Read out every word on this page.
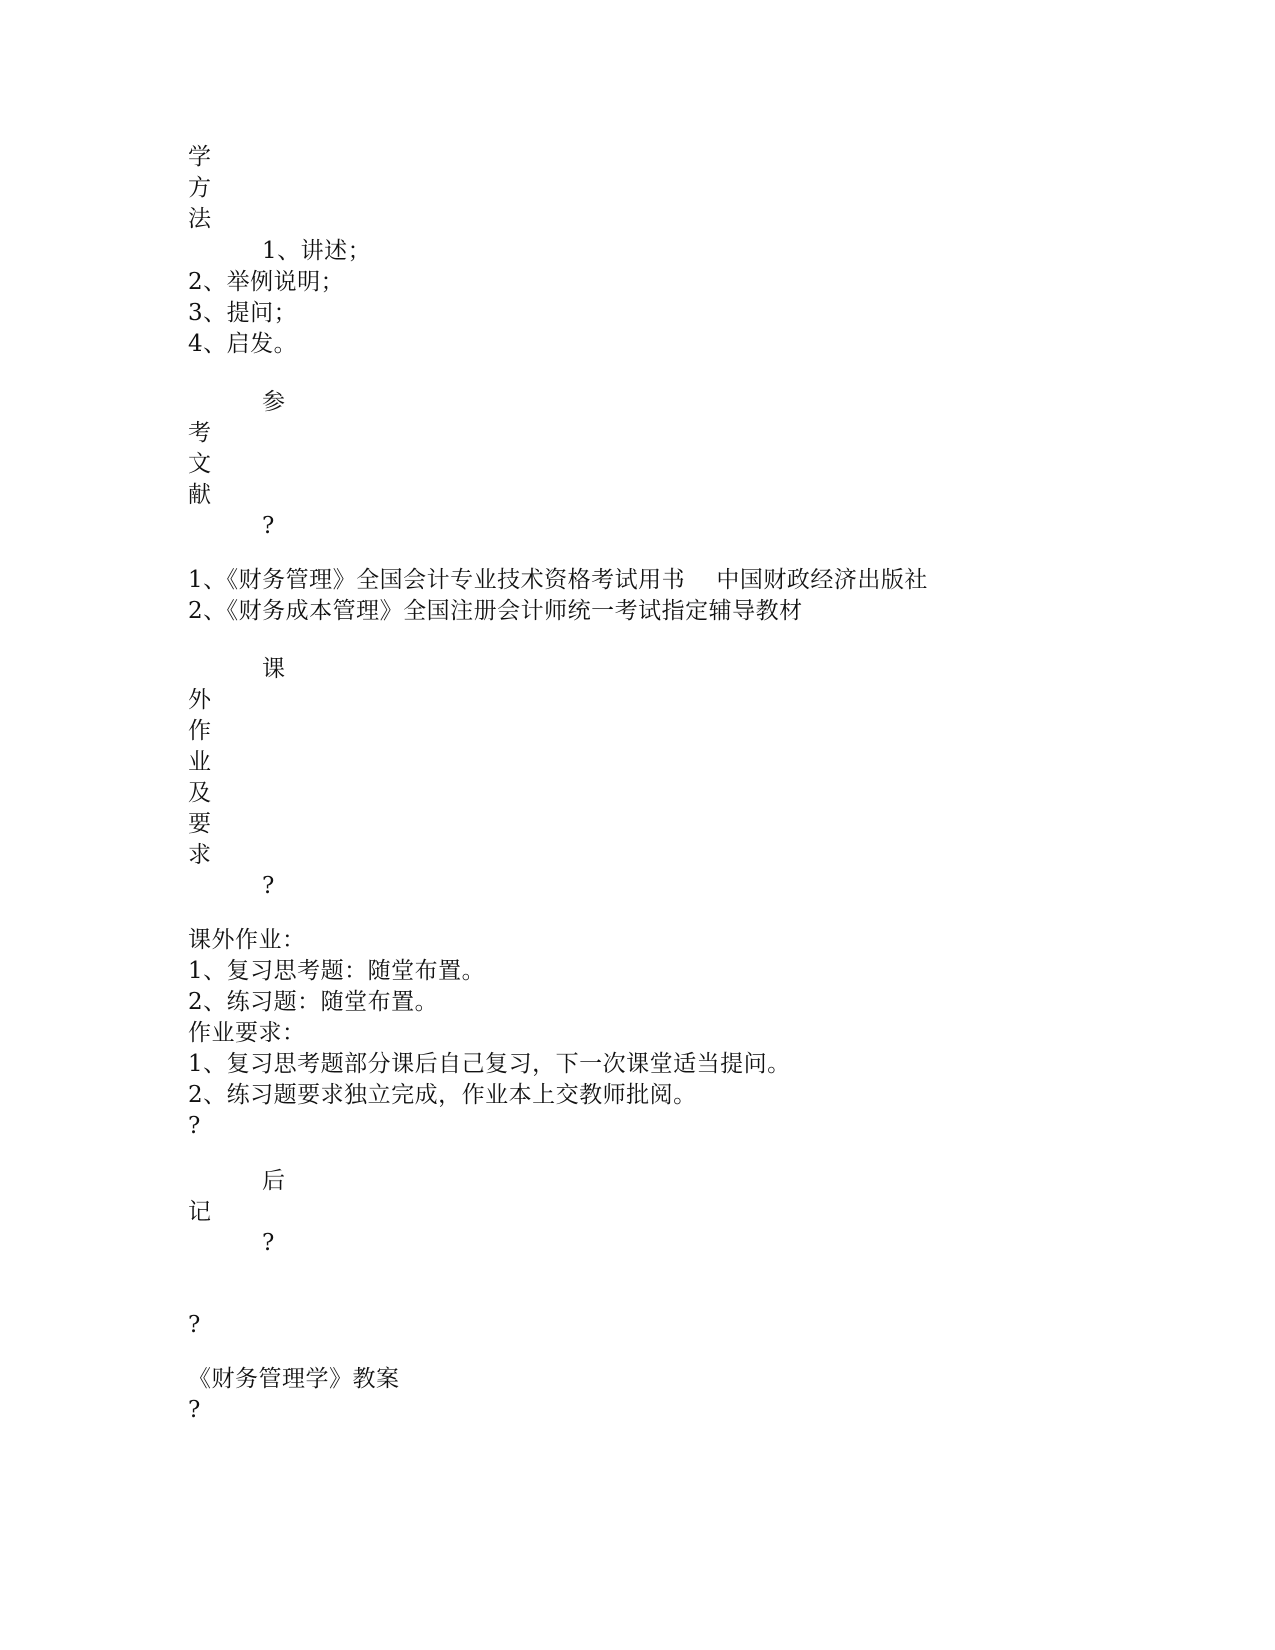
学
方
法
1、讲述；
2、举例说明；
3、提问；
4、启发。
参
考
文
献
?
1、《财务管理》全国会计专业技术资格考试用书    中国财政经济出版社
2、《财务成本管理》全国注册会计师统一考试指定辅导教材
课
外
作
业
及
要
求
?
课外作业：
1、复习思考题：随堂布置。
2、练习题：随堂布置。
作业要求：
1、复习思考题部分课后自己复习，下一次课堂适当提问。
2、练习题要求独立完成，作业本上交教师批阅。
?
后
记
?
?
《财务管理学》教案
?
